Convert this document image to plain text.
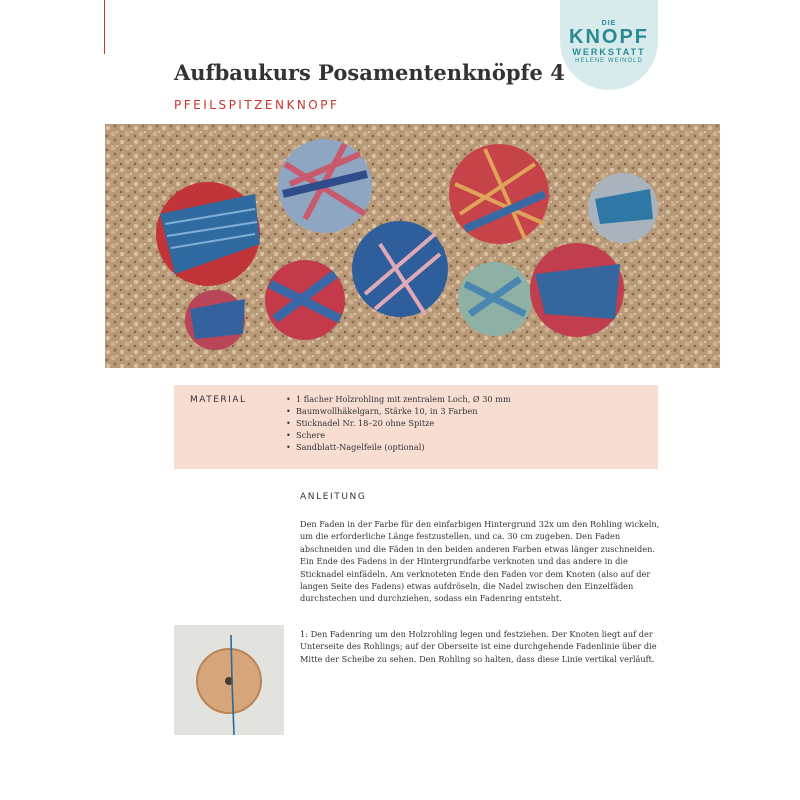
DIE
KNOPF
WERKSTATT
HELENE WEINOLD
Aufbaukurs Posamentenknöpfe 4
PFEILSPITZENKNOPF
MATERIAL
•	1 flacher Holzrohling mit zentralem Loch, Ø 30 mm
• Baumwollhäkelgarn, Stärke 10, in 3 Farben
• Sticknadel Nr. 18–20 ohne Spitze
• Schere
• Sandblatt-Nagelfeile (optional)
ANLEITUNG

Den Faden in der Farbe für den einfarbigen Hintergrund 32x um den Rohling wickeln, um die erforderliche Länge festzustellen, und ca. 30 cm zugeben. Den Faden abschneiden und die Fäden in den beiden anderen Farben etwas länger zuschneiden. Ein Ende des Fadens in der Hintergrundfarbe verknoten und das andere in die Sticknadel einfädeln. Am verknoteten Ende den Faden vor dem Knoten (also auf der langen Seite des Fadens) etwas aufdröseln, die Nadel zwischen den Einzelfäden durchstechen und durchziehen, sodass ein Fadenring entsteht.

1: Den Fadenring um den Holzrohling legen und festziehen. Der Knoten liegt auf der Unterseite des Rohlings; auf der Oberseite ist eine durchgehende Fadenlinie über die Mitte der Scheibe zu sehen. Den Rohling so halten, dass diese Linie vertikal verläuft.
